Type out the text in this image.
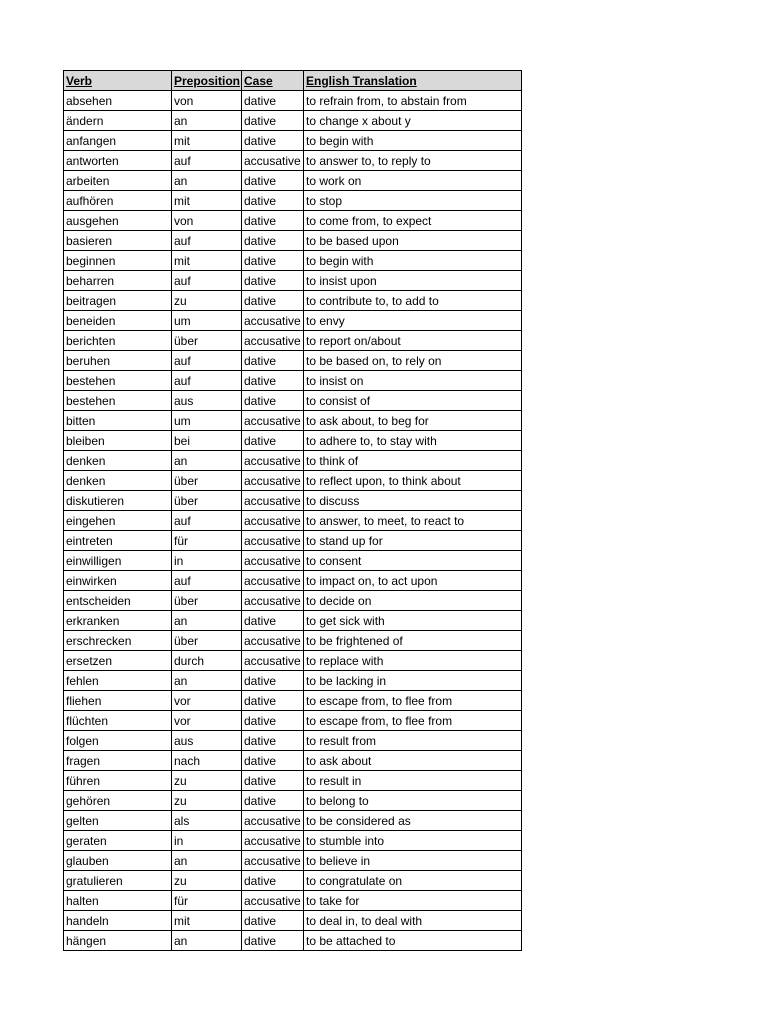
Verb	Preposition	Case	English Translation
absehen	von	dative	to refrain from, to abstain from
ändern	an	dative	to change x about y
anfangen	mit	dative	to begin with
antworten	auf	accusative	to answer to, to reply to
arbeiten	an	dative	to work on
aufhören	mit	dative	to stop
ausgehen	von	dative	to come from, to expect
basieren	auf	dative	to be based upon
beginnen	mit	dative	to begin with
beharren	auf	dative	to insist upon
beitragen	zu	dative	to contribute to, to add to
beneiden	um	accusative	to envy
berichten	über	accusative	to report on/about
beruhen	auf	dative	to be based on, to rely on
bestehen	auf	dative	to insist on
bestehen	aus	dative	to consist of
bitten	um	accusative	to ask about, to beg for
bleiben	bei	dative	to adhere to, to stay with
denken	an	accusative	to think of
denken	über	accusative	to reflect upon, to think about
diskutieren	über	accusative	to discuss
eingehen	auf	accusative	to answer, to meet, to react to
eintreten	für	accusative	to stand up for
einwilligen	in	accusative	to consent
einwirken	auf	accusative	to impact on, to act upon
entscheiden	über	accusative	to decide on
erkranken	an	dative	to get sick with
erschrecken	über	accusative	to be frightened of
ersetzen	durch	accusative	to replace with
fehlen	an	dative	to be lacking in
fliehen	vor	dative	to escape from, to flee from
flüchten	vor	dative	to escape from, to flee from
folgen	aus	dative	to result from
fragen	nach	dative	to ask about
führen	zu	dative	to result in
gehören	zu	dative	to belong to
gelten	als	accusative	to be considered as
geraten	in	accusative	to stumble into
glauben	an	accusative	to believe in
gratulieren	zu	dative	to congratulate on
halten	für	accusative	to take for
handeln	mit	dative	to deal in, to deal with
hängen	an	dative	to be attached to
